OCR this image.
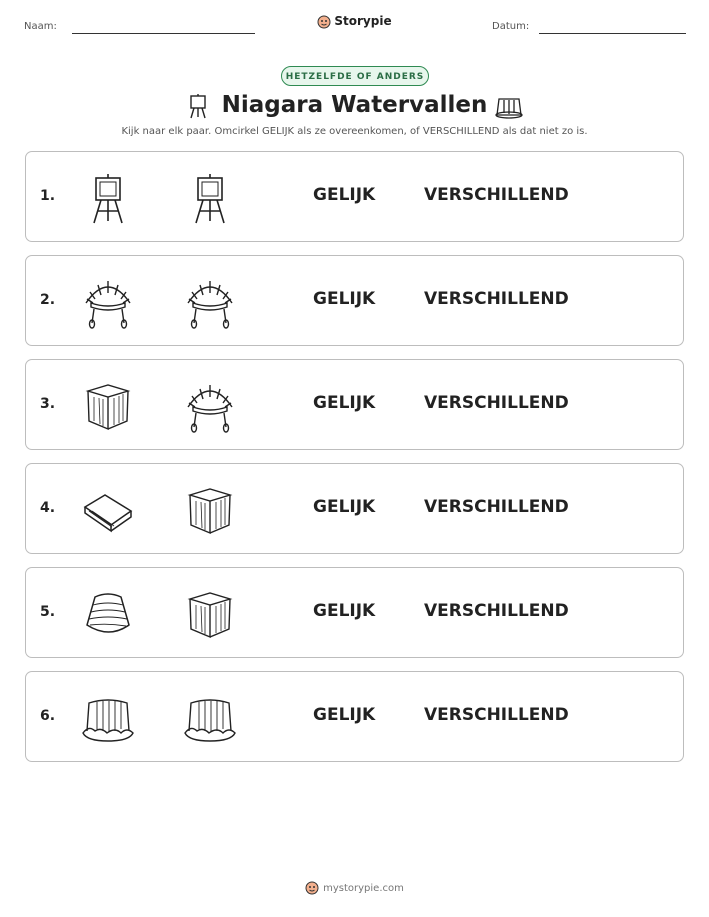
Naam:	Storypie	Datum:
HETZELFDE OF ANDERS
Niagara Watervallen
Kijk naar elk paar. Omcirkel GELIJK als ze overeenkomen, of VERSCHILLEND als dat niet zo is.
1.	GELIJK	VERSCHILLEND
2.	GELIJK	VERSCHILLEND
3.	GELIJK	VERSCHILLEND
4.	GELIJK	VERSCHILLEND
5.	GELIJK	VERSCHILLEND
6.	GELIJK	VERSCHILLEND
mystorypie.com
